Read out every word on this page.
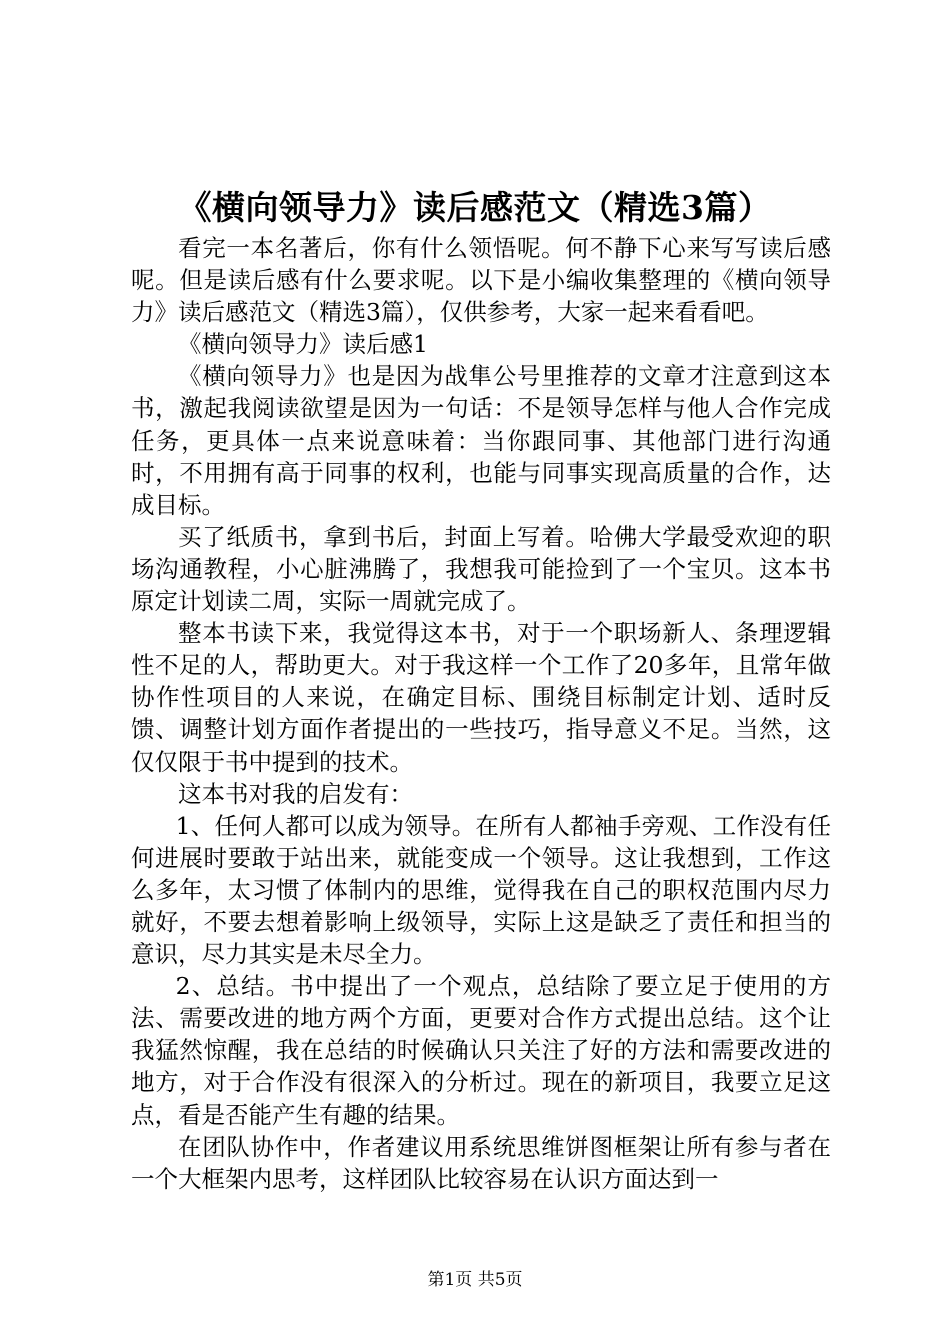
《横向领导力》读后感范文（精选3篇）

看完一本名著后，你有什么领悟呢。何不静下心来写写读后感呢。但是读后感有什么要求呢。以下是小编收集整理的《横向领导力》读后感范文（精选3篇），仅供参考，大家一起来看看吧。

《横向领导力》读后感1

《横向领导力》也是因为战隼公号里推荐的文章才注意到这本书，激起我阅读欲望是因为一句话：不是领导怎样与他人合作完成任务，更具体一点来说意味着：当你跟同事、其他部门进行沟通时，不用拥有高于同事的权利，也能与同事实现高质量的合作，达成目标。

买了纸质书，拿到书后，封面上写着。哈佛大学最受欢迎的职场沟通教程，小心脏沸腾了，我想我可能捡到了一个宝贝。这本书原定计划读二周，实际一周就完成了。

整本书读下来，我觉得这本书，对于一个职场新人、条理逻辑性不足的人，帮助更大。对于我这样一个工作了20多年，且常年做协作性项目的人来说，在确定目标、围绕目标制定计划、适时反馈、调整计划方面作者提出的一些技巧，指导意义不足。当然，这仅仅限于书中提到的技术。

这本书对我的启发有：

1、任何人都可以成为领导。在所有人都袖手旁观、工作没有任何进展时要敢于站出来，就能变成一个领导。这让我想到，工作这么多年，太习惯了体制内的思维，觉得我在自己的职权范围内尽力就好，不要去想着影响上级领导，实际上这是缺乏了责任和担当的意识，尽力其实是未尽全力。

2、总结。书中提出了一个观点，总结除了要立足于使用的方法、需要改进的地方两个方面，更要对合作方式提出总结。这个让我猛然惊醒，我在总结的时候确认只关注了好的方法和需要改进的地方，对于合作没有很深入的分析过。现在的新项目，我要立足这点，看是否能产生有趣的结果。

在团队协作中，作者建议用系统思维饼图框架让所有参与者在一个大框架内思考，这样团队比较容易在认识方面达到一

第1页 共5页
